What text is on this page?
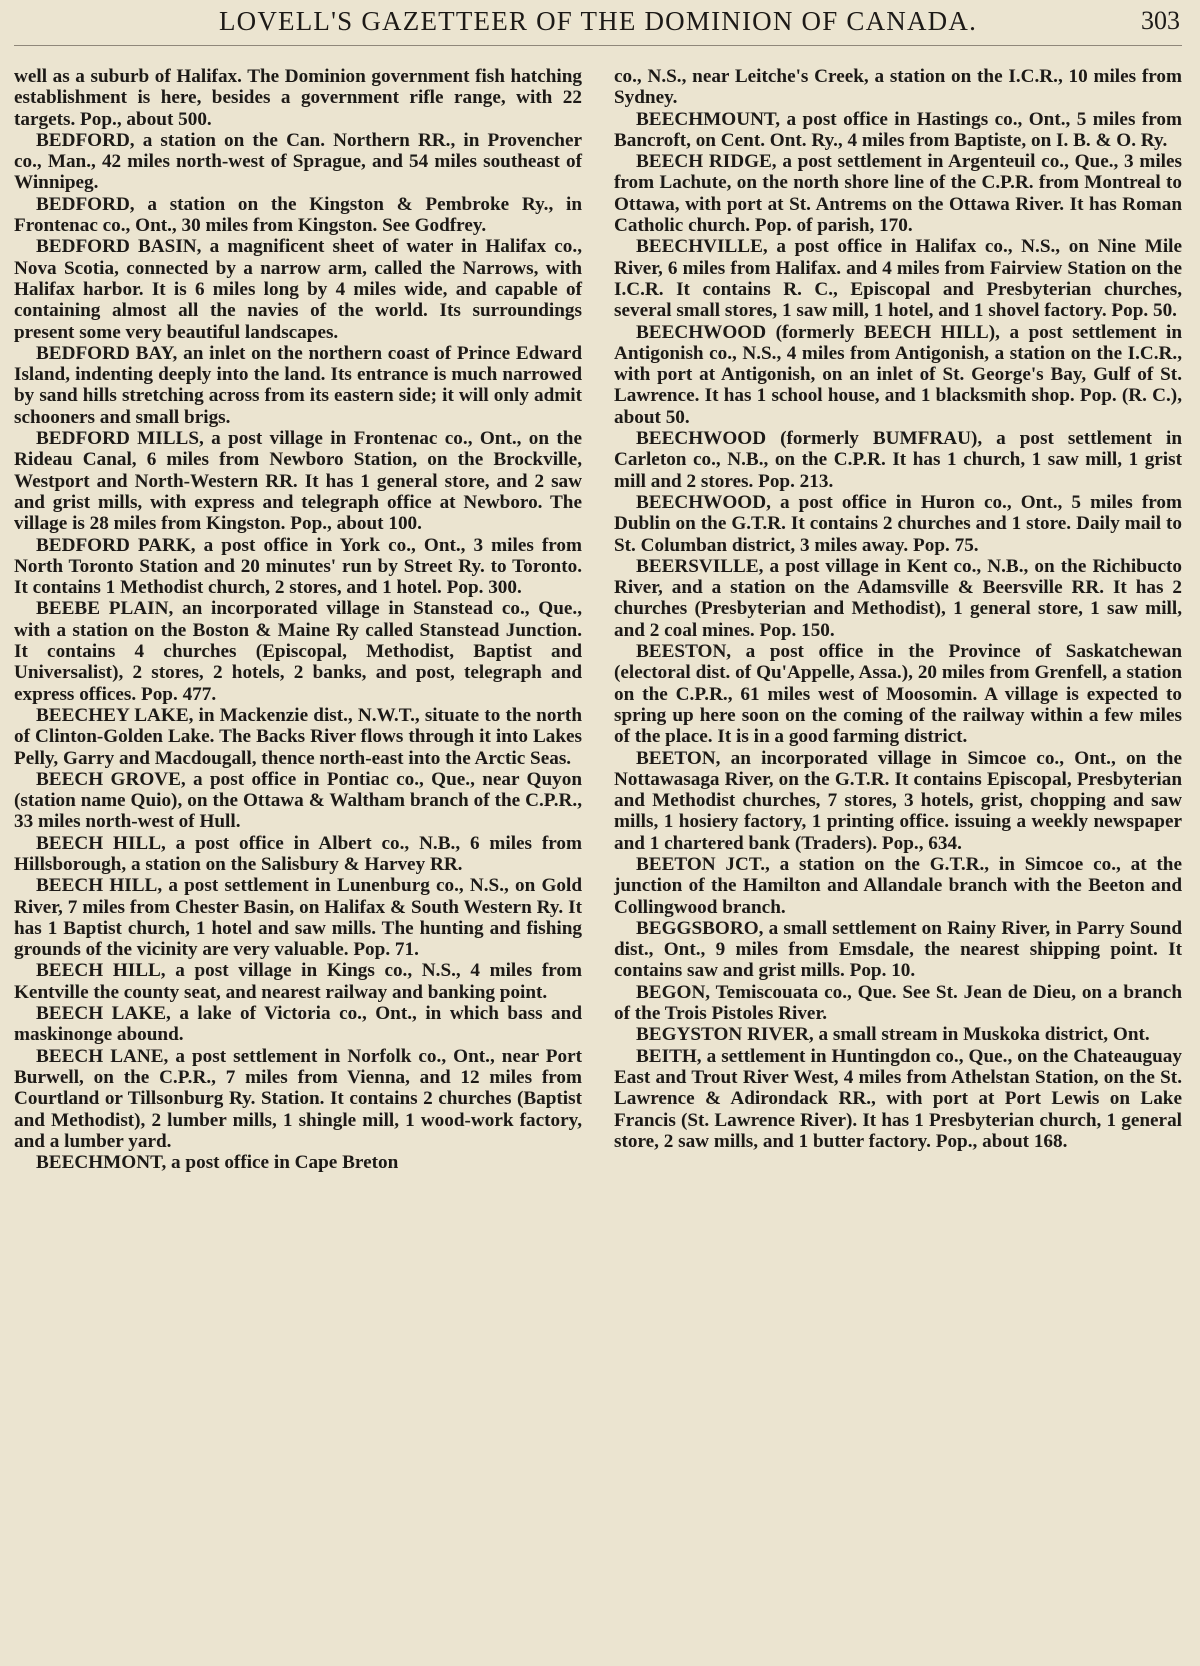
LOVELL'S GAZETTEER OF THE DOMINION OF CANADA.	303

well as a suburb of Halifax. The Dominion government fish hatching establishment is here, besides a government rifle range, with 22 targets. Pop., about 500.

BEDFORD, a station on the Can. Northern RR., in Provencher co., Man., 42 miles north-west of Sprague, and 54 miles southeast of Winnipeg.

BEDFORD, a station on the Kingston & Pembroke Ry., in Frontenac co., Ont., 30 miles from Kingston. See Godfrey.

BEDFORD BASIN, a magnificent sheet of water in Halifax co., Nova Scotia, connected by a narrow arm, called the Narrows, with Halifax harbor. It is 6 miles long by 4 miles wide, and capable of containing almost all the navies of the world. Its surroundings present some very beautiful landscapes.

BEDFORD BAY, an inlet on the northern coast of Prince Edward Island, indenting deeply into the land. Its entrance is much narrowed by sand hills stretching across from its eastern side; it will only admit schooners and small brigs.

BEDFORD MILLS, a post village in Frontenac co., Ont., on the Rideau Canal, 6 miles from Newboro Station, on the Brockville, Westport and North-Western RR. It has 1 general store, and 2 saw and grist mills, with express and telegraph office at Newboro. The village is 28 miles from Kingston. Pop., about 100.

BEDFORD PARK, a post office in York co., Ont., 3 miles from North Toronto Station and 20 minutes' run by Street Ry. to Toronto. It contains 1 Methodist church, 2 stores, and 1 hotel. Pop. 300.

BEEBE PLAIN, an incorporated village in Stanstead co., Que., with a station on the Boston & Maine Ry called Stanstead Junction. It contains 4 churches (Episcopal, Methodist, Baptist and Universalist), 2 stores, 2 hotels, 2 banks, and post, telegraph and express offices. Pop. 477.

BEECHEY LAKE, in Mackenzie dist., N.W.T., situate to the north of Clinton-Golden Lake. The Backs River flows through it into Lakes Pelly, Garry and Macdougall, thence north-east into the Arctic Seas.

BEECH GROVE, a post office in Pontiac co., Que., near Quyon (station name Quio), on the Ottawa & Waltham branch of the C.P.R., 33 miles north-west of Hull.

BEECH HILL, a post office in Albert co., N.B., 6 miles from Hillsborough, a station on the Salisbury & Harvey RR.

BEECH HILL, a post settlement in Lunenburg co., N.S., on Gold River, 7 miles from Chester Basin, on Halifax & South Western Ry. It has 1 Baptist church, 1 hotel and saw mills. The hunting and fishing grounds of the vicinity are very valuable. Pop. 71.

BEECH HILL, a post village in Kings co., N.S., 4 miles from Kentville the county seat, and nearest railway and banking point.

BEECH LAKE, a lake of Victoria co., Ont., in which bass and maskinonge abound.

BEECH LANE, a post settlement in Norfolk co., Ont., near Port Burwell, on the C.P.R., 7 miles from Vienna, and 12 miles from Courtland or Tillsonburg Ry. Station. It contains 2 churches (Baptist and Methodist), 2 lumber mills, 1 shingle mill, 1 wood-work factory, and a lumber yard.

BEECHMONT, a post office in Cape Breton

co., N.S., near Leitche's Creek, a station on the I.C.R., 10 miles from Sydney.

BEECHMOUNT, a post office in Hastings co., Ont., 5 miles from Bancroft, on Cent. Ont. Ry., 4 miles from Baptiste, on I. B. & O. Ry.

BEECH RIDGE, a post settlement in Argenteuil co., Que., 3 miles from Lachute, on the north shore line of the C.P.R. from Montreal to Ottawa, with port at St. Antrems on the Ottawa River. It has Roman Catholic church. Pop. of parish, 170.

BEECHVILLE, a post office in Halifax co., N.S., on Nine Mile River, 6 miles from Halifax. and 4 miles from Fairview Station on the I.C.R. It contains R. C., Episcopal and Presbyterian churches, several small stores, 1 saw mill, 1 hotel, and 1 shovel factory. Pop. 50.

BEECHWOOD (formerly BEECH HILL), a post settlement in Antigonish co., N.S., 4 miles from Antigonish, a station on the I.C.R., with port at Antigonish, on an inlet of St. George's Bay, Gulf of St. Lawrence. It has 1 school house, and 1 blacksmith shop. Pop. (R. C.), about 50.

BEECHWOOD (formerly BUMFRAU), a post settlement in Carleton co., N.B., on the C.P.R. It has 1 church, 1 saw mill, 1 grist mill and 2 stores. Pop. 213.

BEECHWOOD, a post office in Huron co., Ont., 5 miles from Dublin on the G.T.R. It contains 2 churches and 1 store. Daily mail to St. Columban district, 3 miles away. Pop. 75.

BEERSVILLE, a post village in Kent co., N.B., on the Richibucto River, and a station on the Adamsville & Beersville RR. It has 2 churches (Presbyterian and Methodist), 1 general store, 1 saw mill, and 2 coal mines. Pop. 150.

BEESTON, a post office in the Province of Saskatchewan (electoral dist. of Qu'Appelle, Assa.), 20 miles from Grenfell, a station on the C.P.R., 61 miles west of Moosomin. A village is expected to spring up here soon on the coming of the railway within a few miles of the place. It is in a good farming district.

BEETON, an incorporated village in Simcoe co., Ont., on the Nottawasaga River, on the G.T.R. It contains Episcopal, Presbyterian and Methodist churches, 7 stores, 3 hotels, grist, chopping and saw mills, 1 hosiery factory, 1 printing office. issuing a weekly newspaper and 1 chartered bank (Traders). Pop., 634.

BEETON JCT., a station on the G.T.R., in Simcoe co., at the junction of the Hamilton and Allandale branch with the Beeton and Collingwood branch.

BEGGSBORO, a small settlement on Rainy River, in Parry Sound dist., Ont., 9 miles from Emsdale, the nearest shipping point. It contains saw and grist mills. Pop. 10.

BEGON, Temiscouata co., Que. See St. Jean de Dieu, on a branch of the Trois Pistoles River.

BEGYSTON RIVER, a small stream in Muskoka district, Ont.

BEITH, a settlement in Huntingdon co., Que., on the Chateauguay East and Trout River West, 4 miles from Athelstan Station, on the St. Lawrence & Adirondack RR., with port at Port Lewis on Lake Francis (St. Lawrence River). It has 1 Presbyterian church, 1 general store, 2 saw mills, and 1 butter factory. Pop., about 168.
